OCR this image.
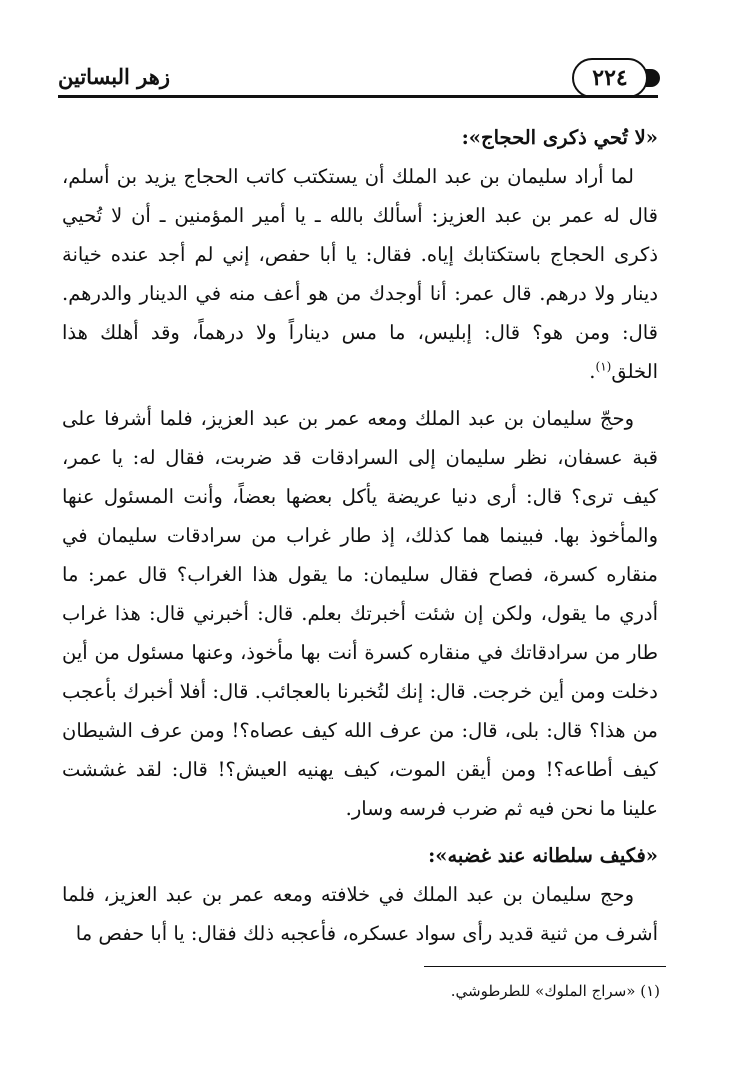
٢٢٤
زهر البساتين

«لا تُحي ذكرى الحجاج»:

لما أراد سليمان بن عبد الملك أن يستكتب كاتب الحجاج يزيد بن أسلم، قال له عمر بن عبد العزيز: أسألك بالله ـ يا أمير المؤمنين ـ أن لا تُحيي ذكرى الحجاج باستكتابك إياه. فقال: يا أبا حفص، إني لم أجد عنده خيانة دينار ولا درهم. قال عمر: أنا أوجدك من هو أعف منه في الدينار والدرهم. قال: ومن هو؟ قال: إبليس، ما مس ديناراً ولا درهماً، وقد أهلك هذا الخلق$^{(١)}$.

وحجّ سليمان بن عبد الملك ومعه عمر بن عبد العزيز، فلما أشرفا على قبة عسفان، نظر سليمان إلى السرادقات قد ضربت، فقال له: يا عمر، كيف ترى؟ قال: أرى دنيا عريضة يأكل بعضها بعضاً، وأنت المسئول عنها والمأخوذ بها. فبينما هما كذلك، إذ طار غراب من سرادقات سليمان في منقاره كسرة، فصاح فقال سليمان: ما يقول هذا الغراب؟ قال عمر: ما أدري ما يقول، ولكن إن شئت أخبرتك بعلم. قال: أخبرني قال: هذا غراب طار من سرادقاتك في منقاره كسرة أنت بها مأخوذ، وعنها مسئول من أين دخلت ومن أين خرجت. قال: إنك لتُخبرنا بالعجائب. قال: أفلا أخبرك بأعجب من هذا؟ قال: بلى، قال: من عرف الله كيف عصاه؟! ومن عرف الشيطان كيف أطاعه؟! ومن أيقن الموت، كيف يهنيه العيش؟! قال: لقد غششت علينا ما نحن فيه ثم ضرب فرسه وسار.

«فكيف سلطانه عند غضبه»:

وحج سليمان بن عبد الملك في خلافته ومعه عمر بن عبد العزيز، فلما أشرف من ثنية قديد رأى سواد عسكره، فأعجبه ذلك فقال: يا أبا حفص ما

(١) «سراج الملوك» للطرطوشي.
